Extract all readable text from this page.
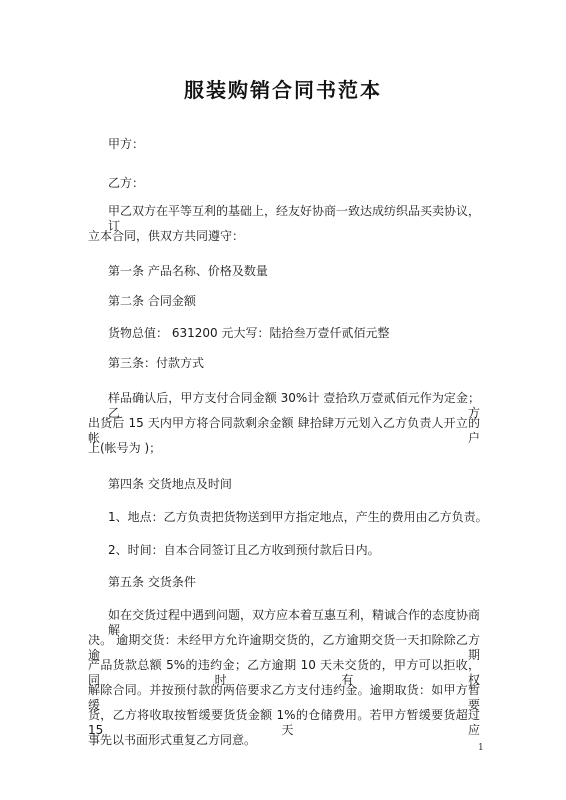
服装购销合同书范本
甲方：
乙方：
甲乙双方在平等互利的基础上，经友好协商一致达成纺织品买卖协议，订
立本合同，供双方共同遵守：
第一条 产品名称、价格及数量
第二条 合同金额
货物总值： 631200 元大写：陆拾叁万壹仟贰佰元整
第三条：付款方式
样品确认后，甲方支付合同金额 30%计 壹拾玖万壹贰佰元作为定金；乙方
出货后 15 天内甲方将合同款剩余金额 肆拾肆万元划入乙方负责人开立的帐户
上(帐号为 )；
第四条 交货地点及时间
1、地点：乙方负责把货物送到甲方指定地点，产生的费用由乙方负责。
2、时间：自本合同签订且乙方收到预付款后日内。
第五条 交货条件
如在交货过程中遇到问题，双方应本着互惠互利，精诚合作的态度协商解
决。 逾期交货：未经甲方允许逾期交货的，乙方逾期交货一天扣除除乙方逾期
产品货款总额 5%的违约金；乙方逾期 10 天未交货的，甲方可以拒收，同时有权
解除合同。并按预付款的两倍要求乙方支付违约金。逾期取货：如甲方暂缓要
货，乙方将收取按暂缓要货货金额 1%的仓储费用。若甲方暂缓要货超过 15 天应
事先以书面形式重复乙方同意。
1
